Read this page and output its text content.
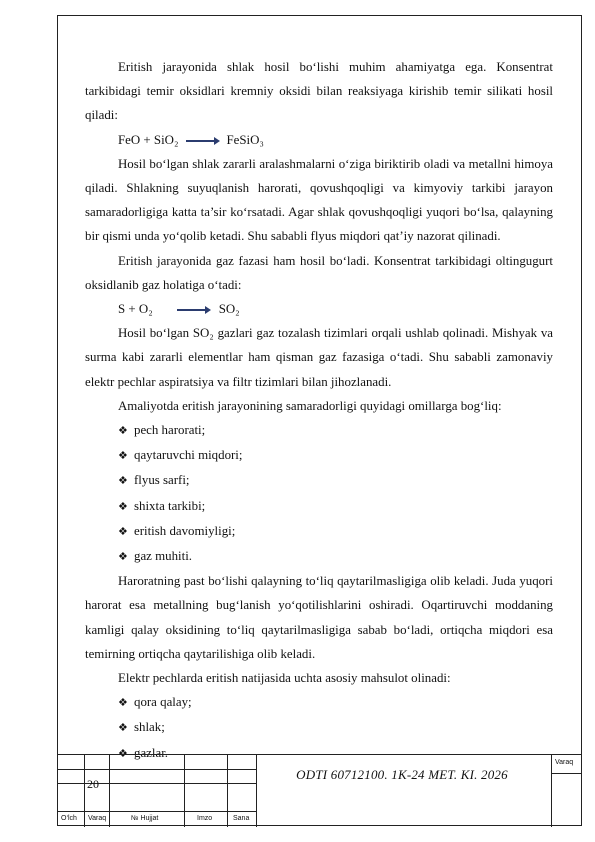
Eritish jarayonida shlak hosil bo‘lishi muhim ahamiyatga ega. Konsentrat tarkibidagi temir oksidlari kremniy oksidi bilan reaksiyaga kirishib temir silikati hosil qiladi:

FeO + SiO₂ → FeSiO₃

Hosil bo‘lgan shlak zararli aralashmalarni o‘ziga biriktirib oladi va metallni himoya qiladi. Shlakning suyuqlanish harorati, qovushqoqligi va kimyoviy tarkibi jarayon samaradorligiga katta ta’sir ko‘rsatadi. Agar shlak qovushqoqligi yuqori bo‘lsa, qalayning bir qismi unda yo‘qolib ketadi. Shu sababli flyus miqdori qat’iy nazorat qilinadi.

Eritish jarayonida gaz fazasi ham hosil bo‘ladi. Konsentrat tarkibidagi oltingugurt oksidlanib gaz holatiga o‘tadi:

S + O₂ → SO₂

Hosil bo‘lgan SO₂ gazlari gaz tozalash tizimlari orqali ushlab qolinadi. Mishyak va surma kabi zararli elementlar ham qisman gaz fazasiga o‘tadi. Shu sababli zamonaviy elektr pechlar aspiratsiya va filtr tizimlari bilan jihozlanadi.

Amaliyotda eritish jarayonining samaradorligi quyidagi omillarga bog‘liq:

❖ pech harorati;
❖ qaytaruvchi miqdori;
❖ flyus sarfi;
❖ shixta tarkibi;
❖ eritish davomiyligi;
❖ gaz muhiti.

Haroratning past bo‘lishi qalayning to‘liq qaytarilmasligiga olib keladi. Juda yuqori harorat esa metallning bug‘lanish yo‘qotilishlarini oshiradi. Oqartiruvchi moddaning kamligi qalay oksidining to‘liq qaytarilmasligiga sabab bo‘ladi, ortiqcha miqdori esa temirning ortiqcha qaytarilishiga olib keladi.

Elektr pechlarda eritish natijasida uchta asosiy mahsulot olinadi:

❖ qora qalay;
❖ shlak;
❖ gazlar.
20
O‘lch Varaq	№ Hujjat	Imzo	Sana
ODTI 60712100. 1K-24 MET. KI. 2026
Varaq
